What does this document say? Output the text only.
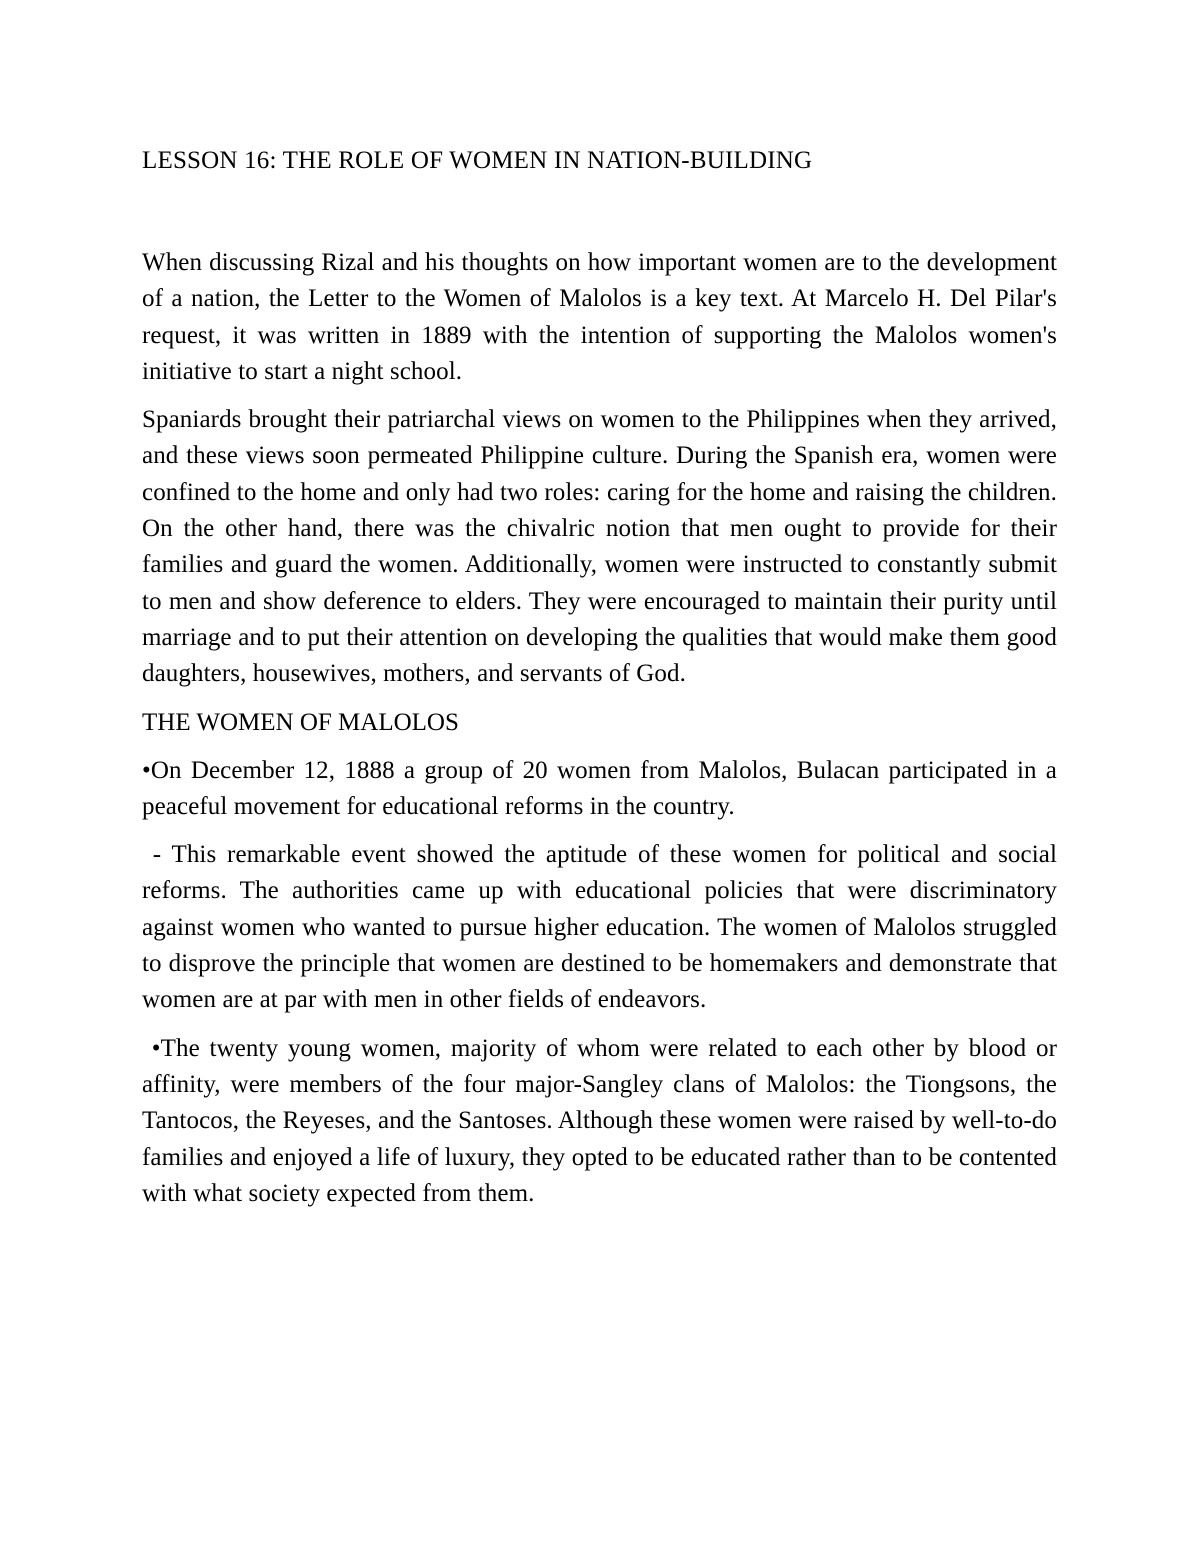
LESSON 16: THE ROLE OF WOMEN IN NATION-BUILDING

When discussing Rizal and his thoughts on how important women are to the development of a nation, the Letter to the Women of Malolos is a key text. At Marcelo H. Del Pilar's request, it was written in 1889 with the intention of supporting the Malolos women's initiative to start a night school.

Spaniards brought their patriarchal views on women to the Philippines when they arrived, and these views soon permeated Philippine culture. During the Spanish era, women were confined to the home and only had two roles: caring for the home and raising the children. On the other hand, there was the chivalric notion that men ought to provide for their families and guard the women. Additionally, women were instructed to constantly submit to men and show deference to elders. They were encouraged to maintain their purity until marriage and to put their attention on developing the qualities that would make them good daughters, housewives, mothers, and servants of God.

THE WOMEN OF MALOLOS

•On December 12, 1888 a group of 20 women from Malolos, Bulacan participated in a peaceful movement for educational reforms in the country.

- This remarkable event showed the aptitude of these women for political and social reforms. The authorities came up with educational policies that were discriminatory against women who wanted to pursue higher education. The women of Malolos struggled to disprove the principle that women are destined to be homemakers and demonstrate that women are at par with men in other fields of endeavors.

•The twenty young women, majority of whom were related to each other by blood or affinity, were members of the four major-Sangley clans of Malolos: the Tiongsons, the Tantocos, the Reyeses, and the Santoses. Although these women were raised by well-to-do families and enjoyed a life of luxury, they opted to be educated rather than to be contented with what society expected from them.
